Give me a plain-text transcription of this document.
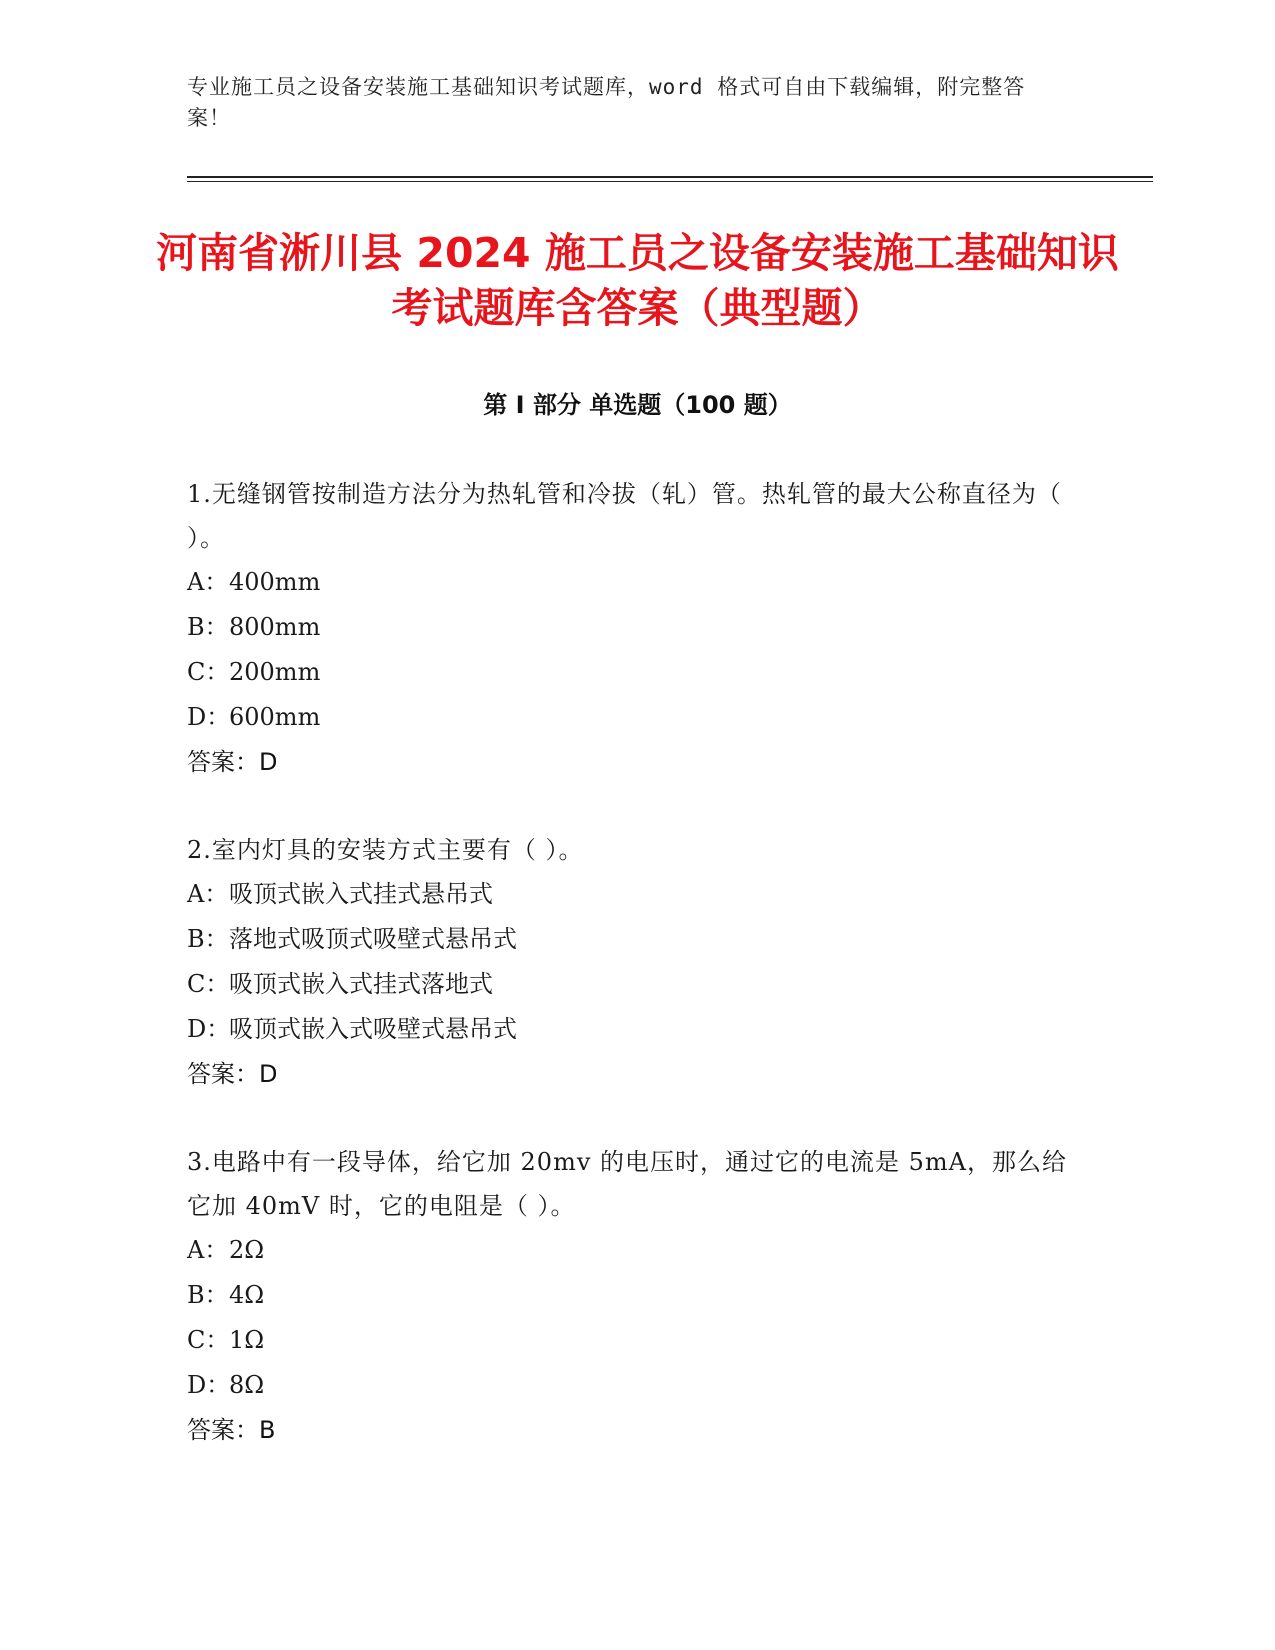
专业施工员之设备安装施工基础知识考试题库，word 格式可自由下载编辑，附完整答案！
河南省淅川县 2024 施工员之设备安装施工基础知识考试题库含答案（典型题）
第 I 部分 单选题（100 题）
1.无缝钢管按制造方法分为热轧管和冷拔（轧）管。热轧管的最大公称直径为（ ）。
A：400mm
B：800mm
C：200mm
D：600mm
答案：D
2.室内灯具的安装方式主要有（ ）。
A：吸顶式嵌入式挂式悬吊式
B：落地式吸顶式吸壁式悬吊式
C：吸顶式嵌入式挂式落地式
D：吸顶式嵌入式吸壁式悬吊式
答案：D
3.电路中有一段导体，给它加 20mv 的电压时，通过它的电流是 5mA，那么给它加 40mV 时，它的电阻是（ ）。
A：2Ω
B：4Ω
C：1Ω
D：8Ω
答案：B
